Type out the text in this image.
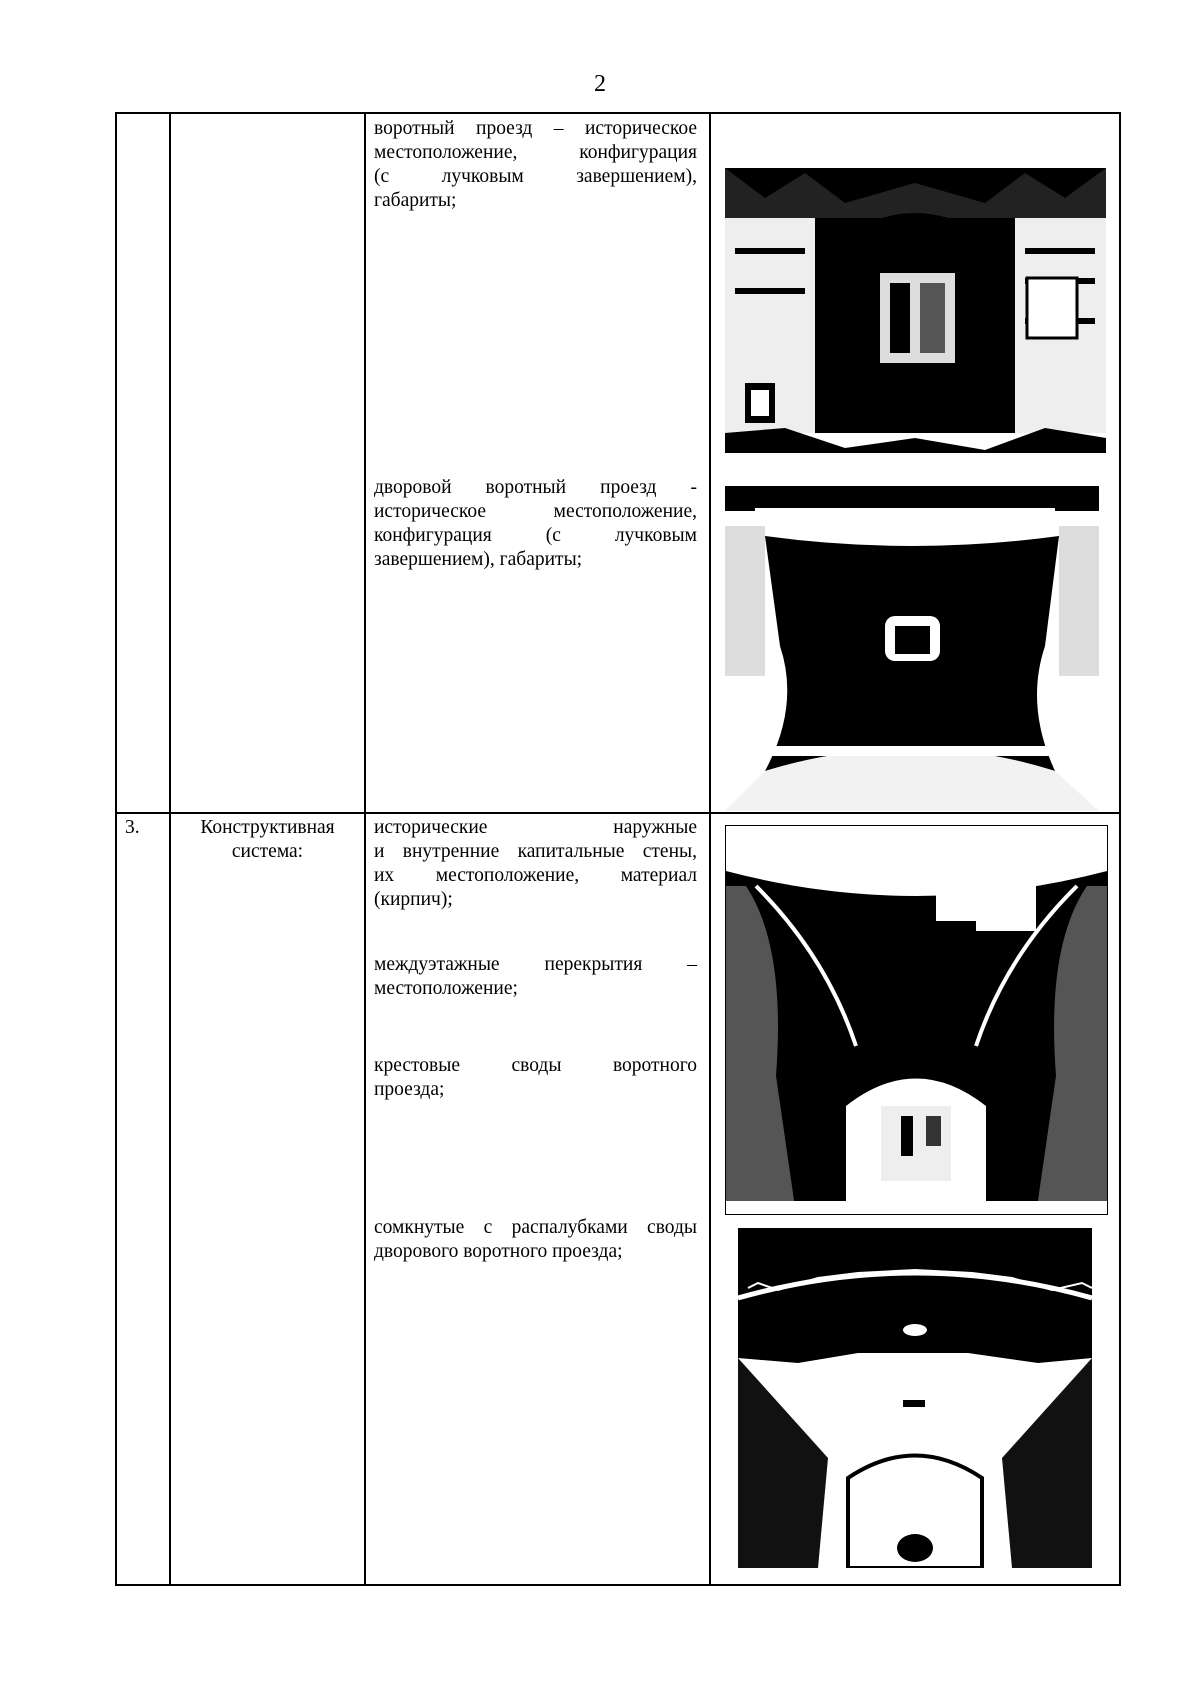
2
воротный проезд – историческое
местоположение, конфигурация
(с лучковым завершением),
габариты;
дворовой воротный проезд -
историческое местоположение,
конфигурация (с лучковым
завершением), габариты;
3.	Конструктивная
система:
исторические наружные
и внутренние капитальные стены,
их местоположение, материал
(кирпич);
междуэтажные перекрытия –
местоположение;
крестовые своды воротного
проезда;
сомкнутые с распалубками своды
дворового воротного проезда;
